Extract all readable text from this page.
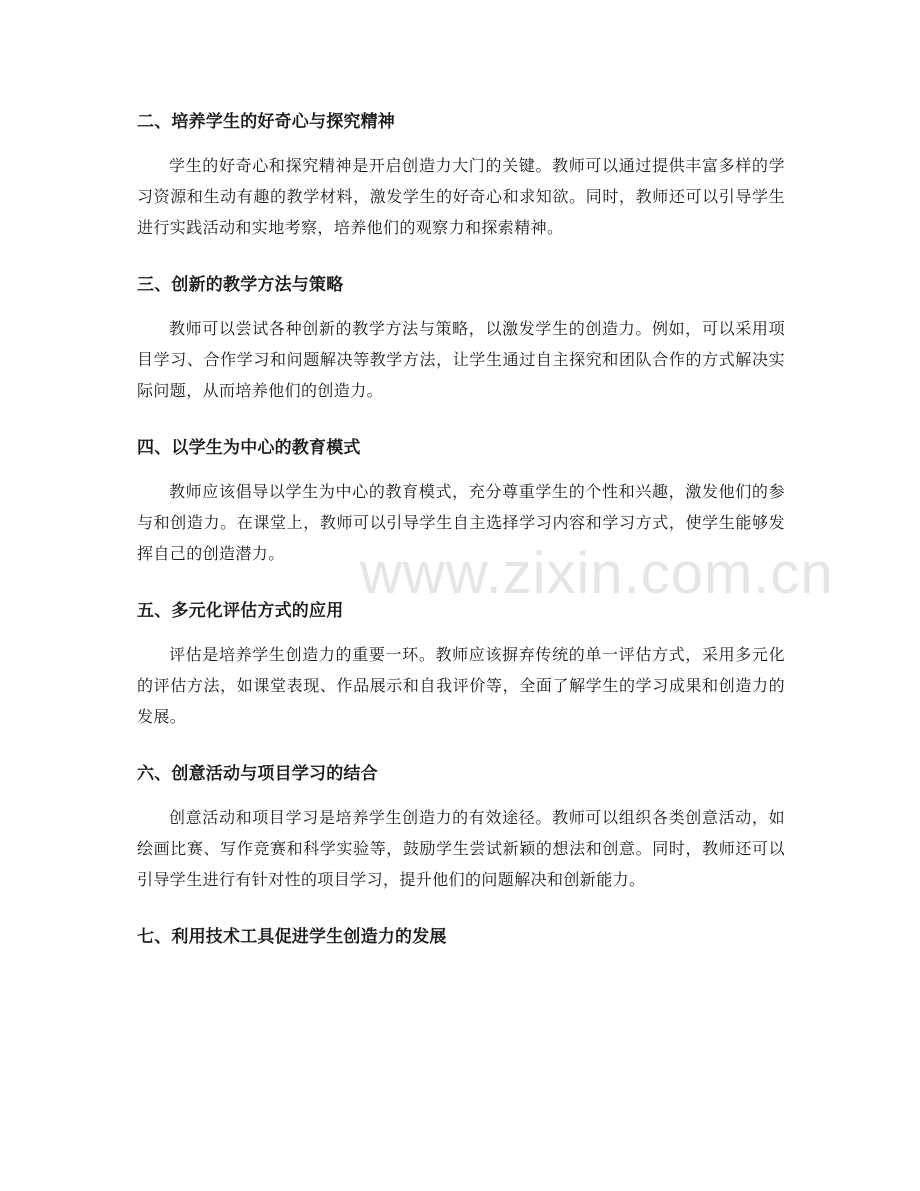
二、培养学生的好奇心与探究精神

学生的好奇心和探究精神是开启创造力大门的关键。教师可以通过提供丰富多样的学习资源和生动有趣的教学材料，激发学生的好奇心和求知欲。同时，教师还可以引导学生进行实践活动和实地考察，培养他们的观察力和探索精神。

三、创新的教学方法与策略

教师可以尝试各种创新的教学方法与策略，以激发学生的创造力。例如，可以采用项目学习、合作学习和问题解决等教学方法，让学生通过自主探究和团队合作的方式解决实际问题，从而培养他们的创造力。

四、以学生为中心的教育模式

教师应该倡导以学生为中心的教育模式，充分尊重学生的个性和兴趣，激发他们的参与和创造力。在课堂上，教师可以引导学生自主选择学习内容和学习方式，使学生能够发挥自己的创造潜力。

五、多元化评估方式的应用

评估是培养学生创造力的重要一环。教师应该摒弃传统的单一评估方式，采用多元化的评估方法，如课堂表现、作品展示和自我评价等，全面了解学生的学习成果和创造力的发展。

六、创意活动与项目学习的结合

创意活动和项目学习是培养学生创造力的有效途径。教师可以组织各类创意活动，如绘画比赛、写作竞赛和科学实验等，鼓励学生尝试新颖的想法和创意。同时，教师还可以引导学生进行有针对性的项目学习，提升他们的问题解决和创新能力。

七、利用技术工具促进学生创造力的发展
www.zixin.com.cn
